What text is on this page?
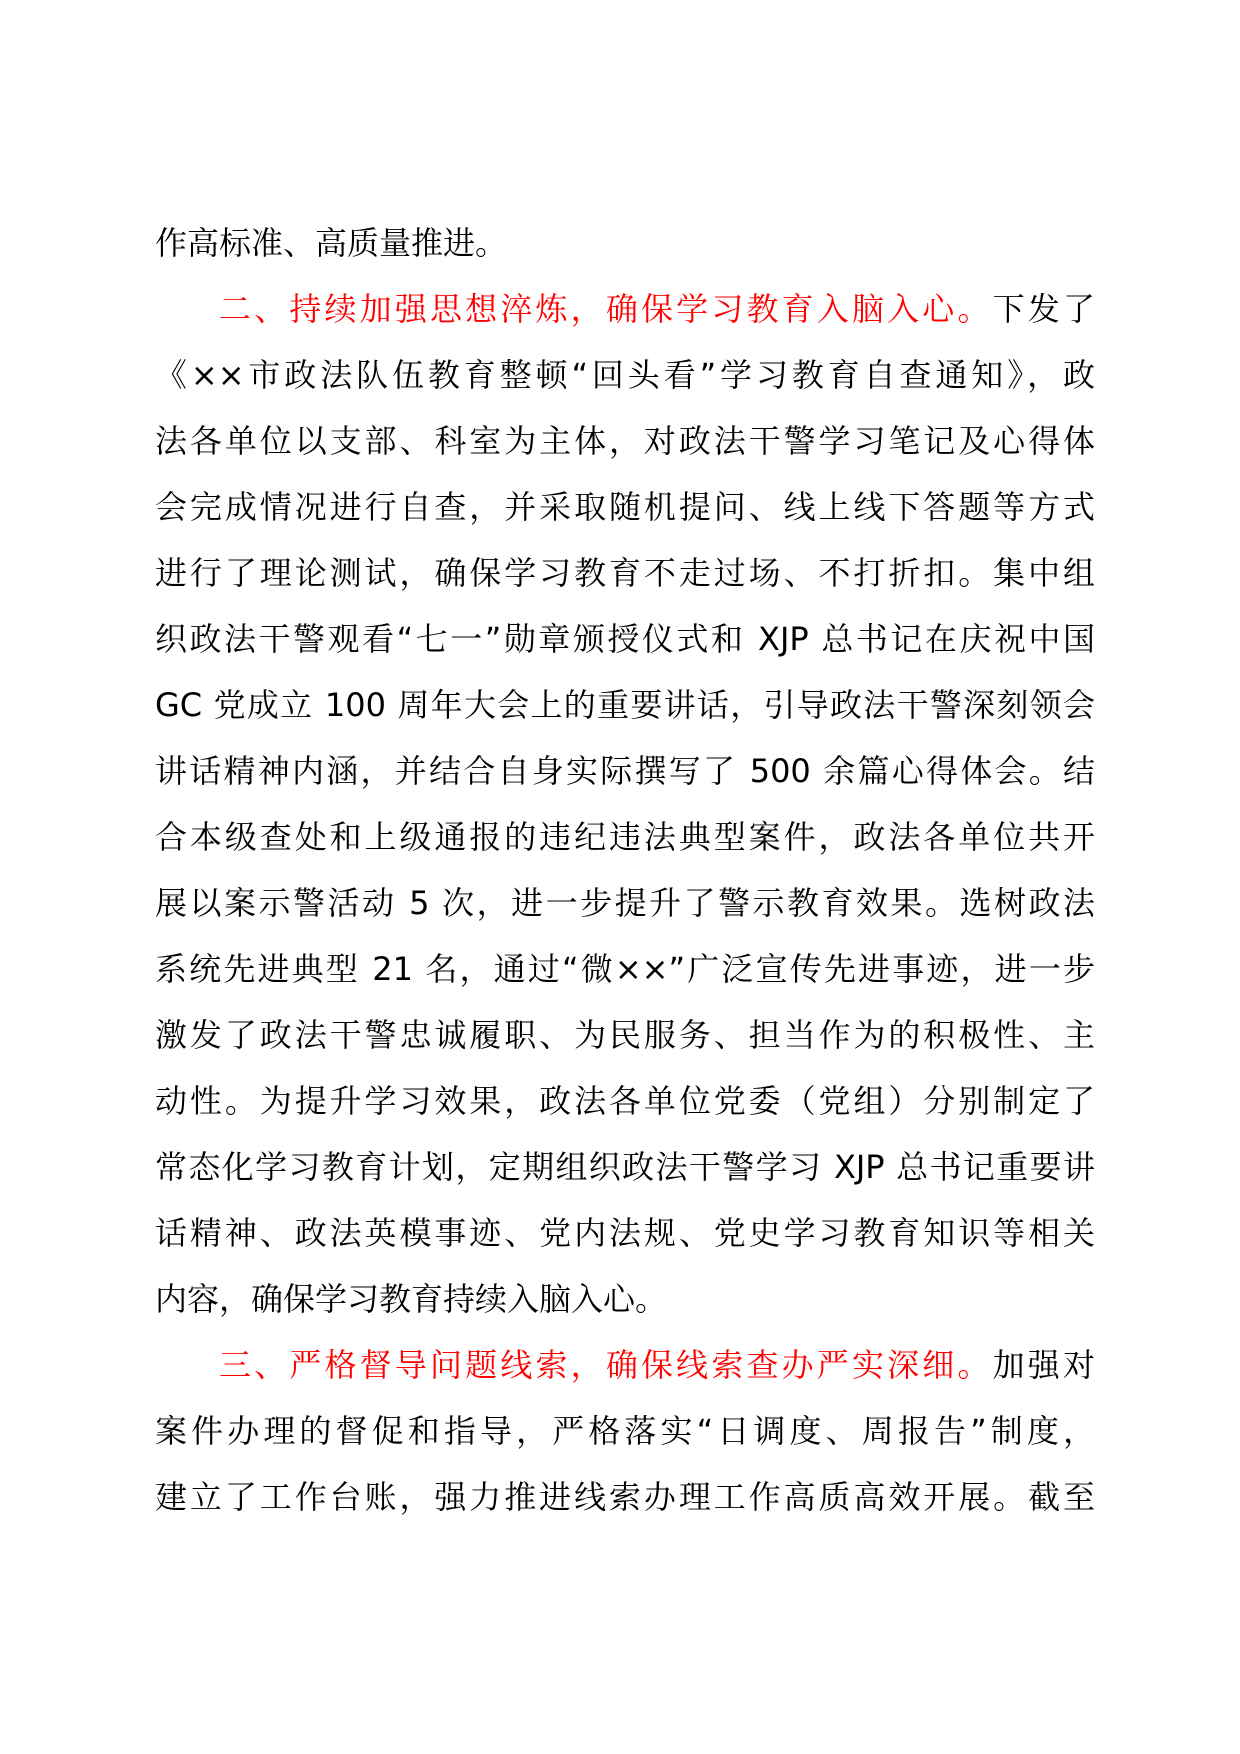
作高标准、高质量推进。
二、持续加强思想淬炼，确保学习教育入脑入心。下发了
《××市政法队伍教育整顿“回头看”学习教育自查通知》，政
法各单位以支部、科室为主体，对政法干警学习笔记及心得体
会完成情况进行自查，并采取随机提问、线上线下答题等方式
进行了理论测试，确保学习教育不走过场、不打折扣。集中组
织政法干警观看“七一”勋章颁授仪式和 XJP 总书记在庆祝中国
GC 党成立 100 周年大会上的重要讲话，引导政法干警深刻领会
讲话精神内涵，并结合自身实际撰写了 500 余篇心得体会。结
合本级查处和上级通报的违纪违法典型案件，政法各单位共开
展以案示警活动 5 次，进一步提升了警示教育效果。选树政法
系统先进典型 21 名，通过“微××”广泛宣传先进事迹，进一步
激发了政法干警忠诚履职、为民服务、担当作为的积极性、主
动性。为提升学习效果，政法各单位党委（党组）分别制定了
常态化学习教育计划，定期组织政法干警学习 XJP 总书记重要讲
话精神、政法英模事迹、党内法规、党史学习教育知识等相关
内容，确保学习教育持续入脑入心。
三、严格督导问题线索，确保线索查办严实深细。加强对
案件办理的督促和指导，严格落实“日调度、周报告”制度，
建立了工作台账，强力推进线索办理工作高质高效开展。截至
